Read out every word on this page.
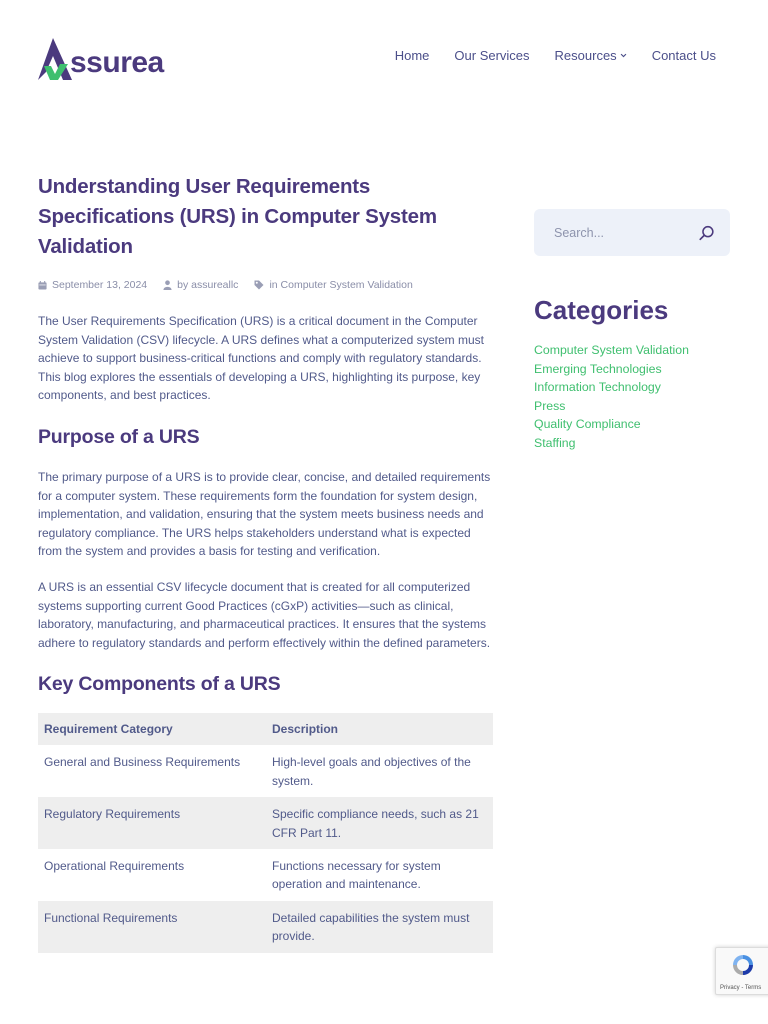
ssurea	Home Our Services Resources	Contact Us
Understanding User Requirements Specifications (URS) in Computer System Validation
September 13, 2024	by assureallc	in Computer System Validation

The User Requirements Specification (URS) is a critical document in the Computer System Validation (CSV) lifecycle. A URS defines what a computerized system must achieve to support business-critical functions and comply with regulatory standards. This blog explores the essentials of developing a URS, highlighting its purpose, key components, and best practices.

Purpose of a URS

The primary purpose of a URS is to provide clear, concise, and detailed requirements for a computer system. These requirements form the foundation for system design, implementation, and validation, ensuring that the system meets business needs and regulatory compliance. The URS helps stakeholders understand what is expected from the system and provides a basis for testing and verification.

A URS is an essential CSV lifecycle document that is created for all computerized systems supporting current Good Practices (cGxP) activities—such as clinical, laboratory, manufacturing, and pharmaceutical practices. It ensures that the systems adhere to regulatory standards and perform effectively within the defined parameters.

Key Components of a URS
Requirement Category	Description
General and Business Requirements	High-level goals and objectives of the system.
Regulatory Requirements	Specific compliance needs, such as 21 CFR Part 11.
Operational Requirements	Functions necessary for system operation and maintenance.
Functional Requirements	Detailed capabilities the system must provide.
Search...
Categories
Computer System Validation
Emerging Technologies
Information Technology
Press
Quality Compliance
Staffing
Privacy - Terms
